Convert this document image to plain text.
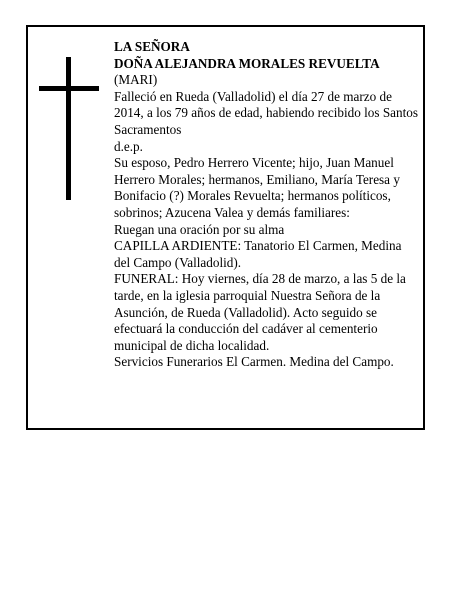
LA SEÑORA
DOÑA ALEJANDRA MORALES REVUELTA
(MARI)
Falleció en Rueda (Valladolid) el día 27 de marzo de 2014, a los 79 años de edad, habiendo recibido los Santos Sacramentos
d.e.p.
Su esposo, Pedro Herrero Vicente; hijo, Juan Manuel Herrero Morales; hermanos, Emiliano, María Teresa y Bonifacio (?) Morales Revuelta; hermanos políticos, sobrinos; Azucena Valea y demás familiares:
Ruegan una oración por su alma
CAPILLA ARDIENTE: Tanatorio El Carmen, Medina del Campo (Valladolid).
FUNERAL: Hoy viernes, día 28 de marzo, a las 5 de la tarde, en la iglesia parroquial Nuestra Señora de la Asunción, de Rueda (Valladolid). Acto seguido se efectuará la conducción del cadáver al cementerio municipal de dicha localidad.
Servicios Funerarios El Carmen. Medina del Campo.
